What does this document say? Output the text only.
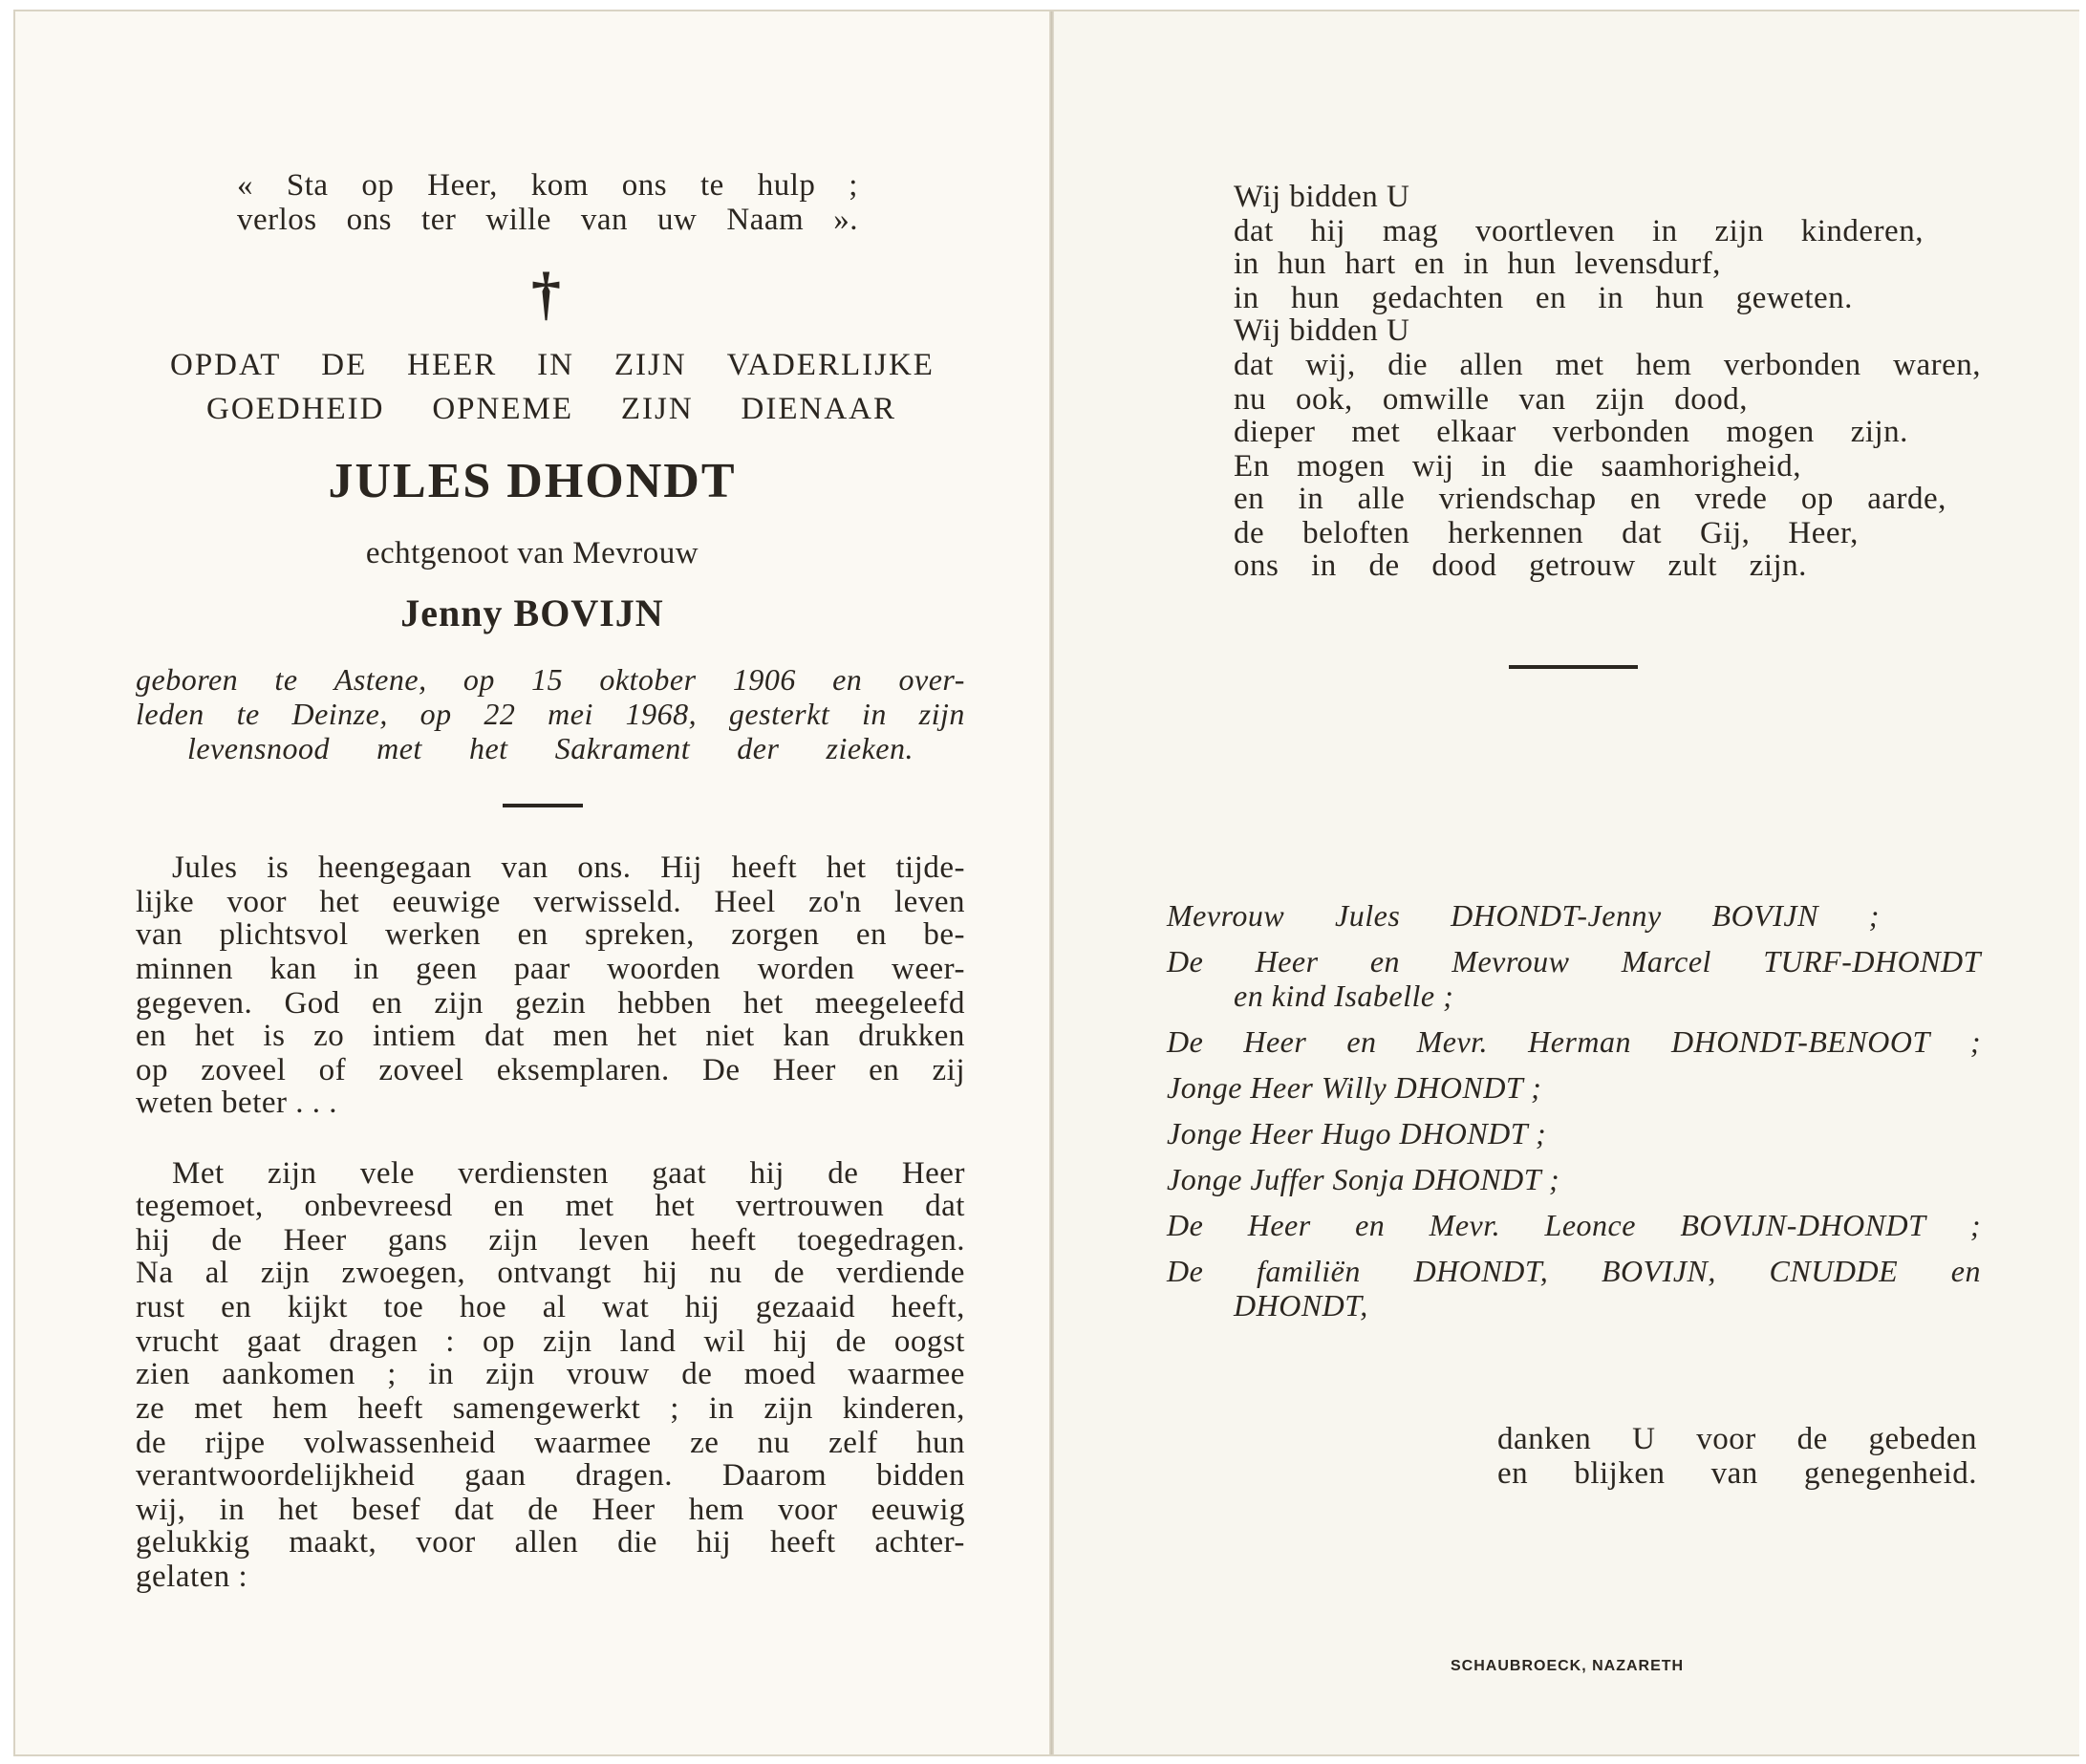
« Sta op Heer, kom ons te hulp ;
verlos ons ter wille van uw Naam ».
†
OPDAT DE HEER IN ZIJN VADERLIJKE
GOEDHEID OPNEME ZIJN DIENAAR
JULES DHONDT
echtgenoot van Mevrouw
Jenny BOVIJN
geboren te Astene, op 15 oktober 1906 en over-
leden te Deinze, op 22 mei 1968, gesterkt in zijn
levensnood met het Sakrament der zieken.
Jules is heengegaan van ons. Hij heeft het tijde-
lijke voor het eeuwige verwisseld. Heel zo'n leven
van plichtsvol werken en spreken, zorgen en be-
minnen kan in geen paar woorden worden weer-
gegeven. God en zijn gezin hebben het meegeleefd
en het is zo intiem dat men het niet kan drukken
op zoveel of zoveel eksemplaren. De Heer en zij
weten beter . . .
Met zijn vele verdiensten gaat hij de Heer
tegemoet, onbevreesd en met het vertrouwen dat
hij de Heer gans zijn leven heeft toegedragen.
Na al zijn zwoegen, ontvangt hij nu de verdiende
rust en kijkt toe hoe al wat hij gezaaid heeft,
vrucht gaat dragen : op zijn land wil hij de oogst
zien aankomen ; in zijn vrouw de moed waarmee
ze met hem heeft samengewerkt ; in zijn kinderen,
de rijpe volwassenheid waarmee ze nu zelf hun
verantwoordelijkheid gaan dragen. Daarom bidden
wij, in het besef dat de Heer hem voor eeuwig
gelukkig maakt, voor allen die hij heeft achter-
gelaten :
Wij bidden U
dat hij mag voortleven in zijn kinderen,
in hun hart en in hun levensdurf,
in hun gedachten en in hun geweten.
Wij bidden U
dat wij, die allen met hem verbonden waren,
nu ook, omwille van zijn dood,
dieper met elkaar verbonden mogen zijn.
En mogen wij in die saamhorigheid,
en in alle vriendschap en vrede op aarde,
de beloften herkennen dat Gij, Heer,
ons in de dood getrouw zult zijn.
Mevrouw Jules DHONDT-Jenny BOVIJN ;
De Heer en Mevrouw Marcel TURF-DHONDT
en kind Isabelle ;
De Heer en Mevr. Herman DHONDT-BENOOT ;
Jonge Heer Willy DHONDT ;
Jonge Heer Hugo DHONDT ;
Jonge Juffer Sonja DHONDT ;
De Heer en Mevr. Leonce BOVIJN-DHONDT ;
De familiën DHONDT, BOVIJN, CNUDDE en
DHONDT,
danken U voor de gebeden
en blijken van genegenheid.
SCHAUBROECK, NAZARETH
